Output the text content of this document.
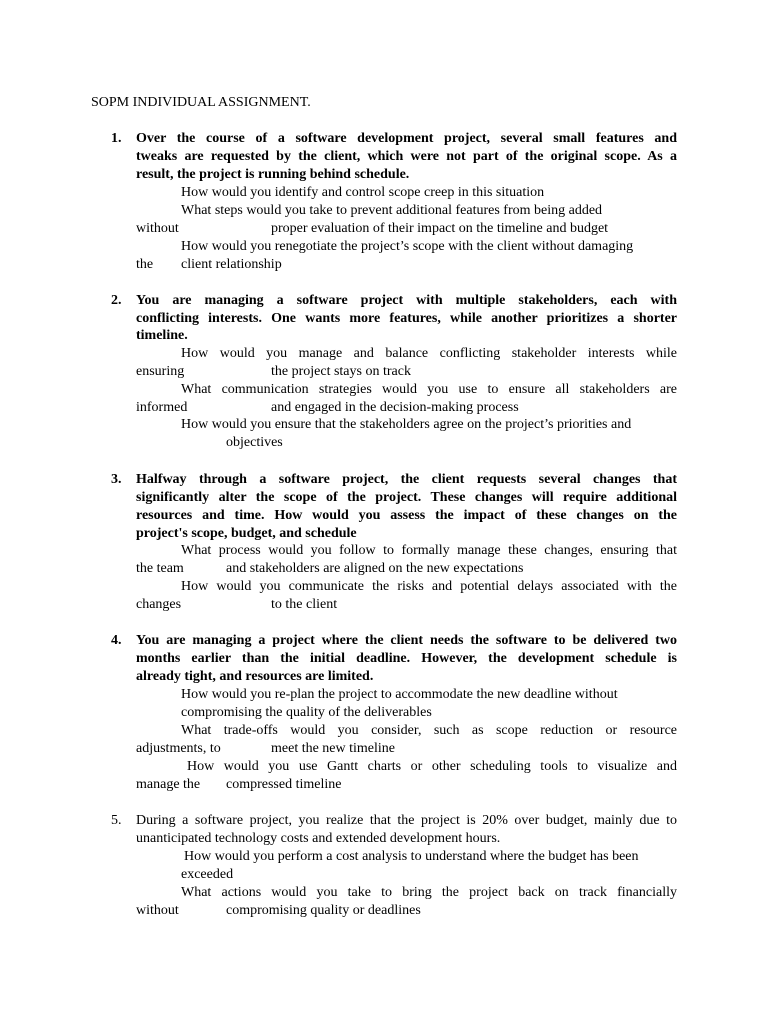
SOPM INDIVIDUAL ASSIGNMENT.
1. Over the course of a software development project, several small features and
tweaks are requested by the client, which were not part of the original scope. As a
result, the project is running behind schedule.
How would you identify and control scope creep in this situation
What steps would you take to prevent additional features from being added
without	proper evaluation of their impact on the timeline and budget
How would you renegotiate the project’s scope with the client without damaging
the client relationship
2. You are managing a software project with multiple stakeholders, each with
conflicting interests. One wants more features, while another prioritizes a shorter
timeline.
How would you manage and balance conflicting stakeholder interests while
ensuring	the project stays on track
What communication strategies would you use to ensure all stakeholders are
informed	and engaged in the decision-making process
How would you ensure that the stakeholders agree on the project’s priorities and
objectives
3. Halfway through a software project, the client requests several changes that
significantly alter the scope of the project. These changes will require additional
resources and time. How would you assess the impact of these changes on the
project's scope, budget, and schedule
What process would you follow to formally manage these changes, ensuring that
the team	and stakeholders are aligned on the new expectations
How would you communicate the risks and potential delays associated with the
changes	to the client
4. You are managing a project where the client needs the software to be delivered two
months earlier than the initial deadline. However, the development schedule is
already tight, and resources are limited.
How would you re-plan the project to accommodate the new deadline without
compromising the quality of the deliverables
What trade-offs would you consider, such as scope reduction or resource
adjustments, to	meet the new timeline
How would you use Gantt charts or other scheduling tools to visualize and
manage the compressed timeline
5. During a software project, you realize that the project is 20% over budget, mainly due to
unanticipated technology costs and extended development hours.
How would you perform a cost analysis to understand where the budget has been
exceeded
What actions would you take to bring the project back on track financially
without	compromising quality or deadlines
